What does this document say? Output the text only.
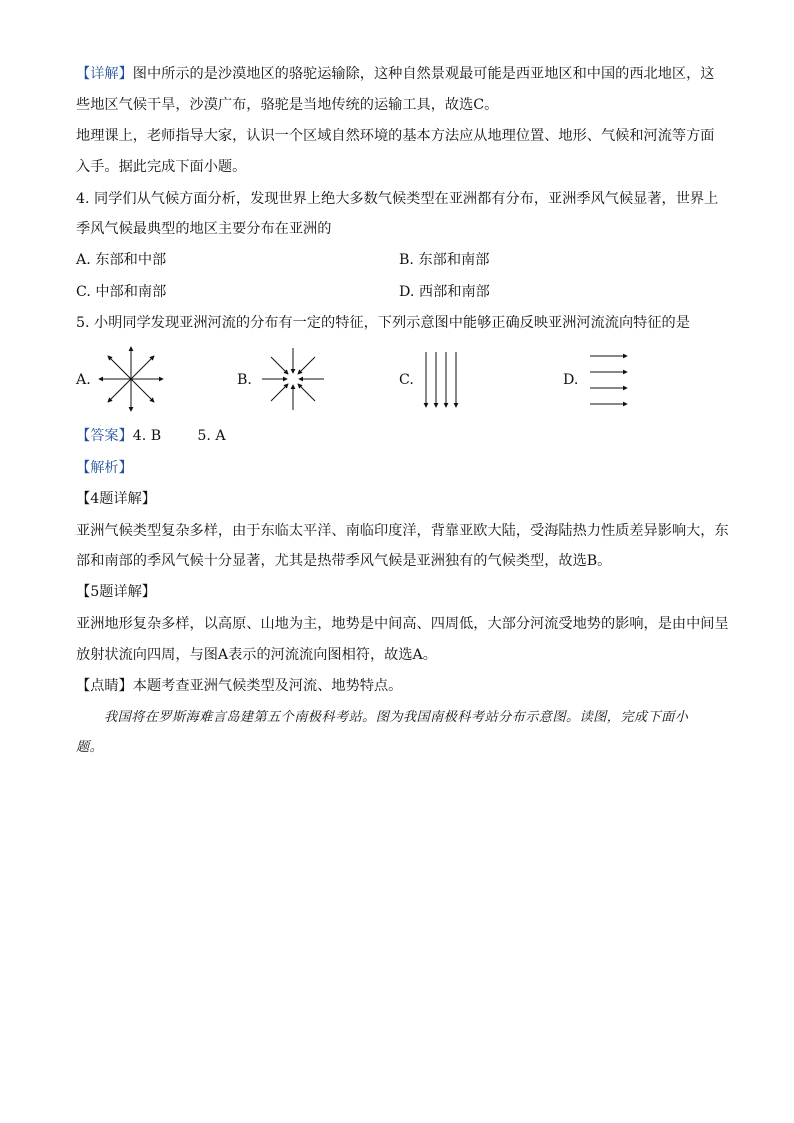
【详解】图中所示的是沙漠地区的骆驼运输除，这种自然景观最可能是西亚地区和中国的西北地区，这
些地区气候干旱，沙漠广布，骆驼是当地传统的运输工具，故选C。
地理课上，老师指导大家，认识一个区域自然环境的基本方法应从地理位置、地形、气候和河流等方面
入手。据此完成下面小题。
4. 同学们从气候方面分析，发现世界上绝大多数气候类型在亚洲都有分布，亚洲季风气候显著，世界上
季风气候最典型的地区主要分布在亚洲的
A. 东部和中部	B. 东部和南部
C. 中部和南部	D. 西部和南部
5. 小明同学发现亚洲河流的分布有一定的特征，下列示意图中能够正确反映亚洲河流流向特征的是
A.	B.	C.	D.
【答案】4. B        5. A
【解析】
【4题详解】
亚洲气候类型复杂多样，由于东临太平洋、南临印度洋，背靠亚欧大陆，受海陆热力性质差异影响大，东
部和南部的季风气候十分显著，尤其是热带季风气候是亚洲独有的气候类型，故选B。
【5题详解】
亚洲地形复杂多样，以高原、山地为主，地势是中间高、四周低，大部分河流受地势的影响，是由中间呈
放射状流向四周，与图A表示的河流流向图相符，故选A。
【点睛】本题考查亚洲气候类型及河流、地势特点。
我国将在罗斯海难言岛建第五个南极科考站。图为我国南极科考站分布示意图。读图，完成下面小
题。
